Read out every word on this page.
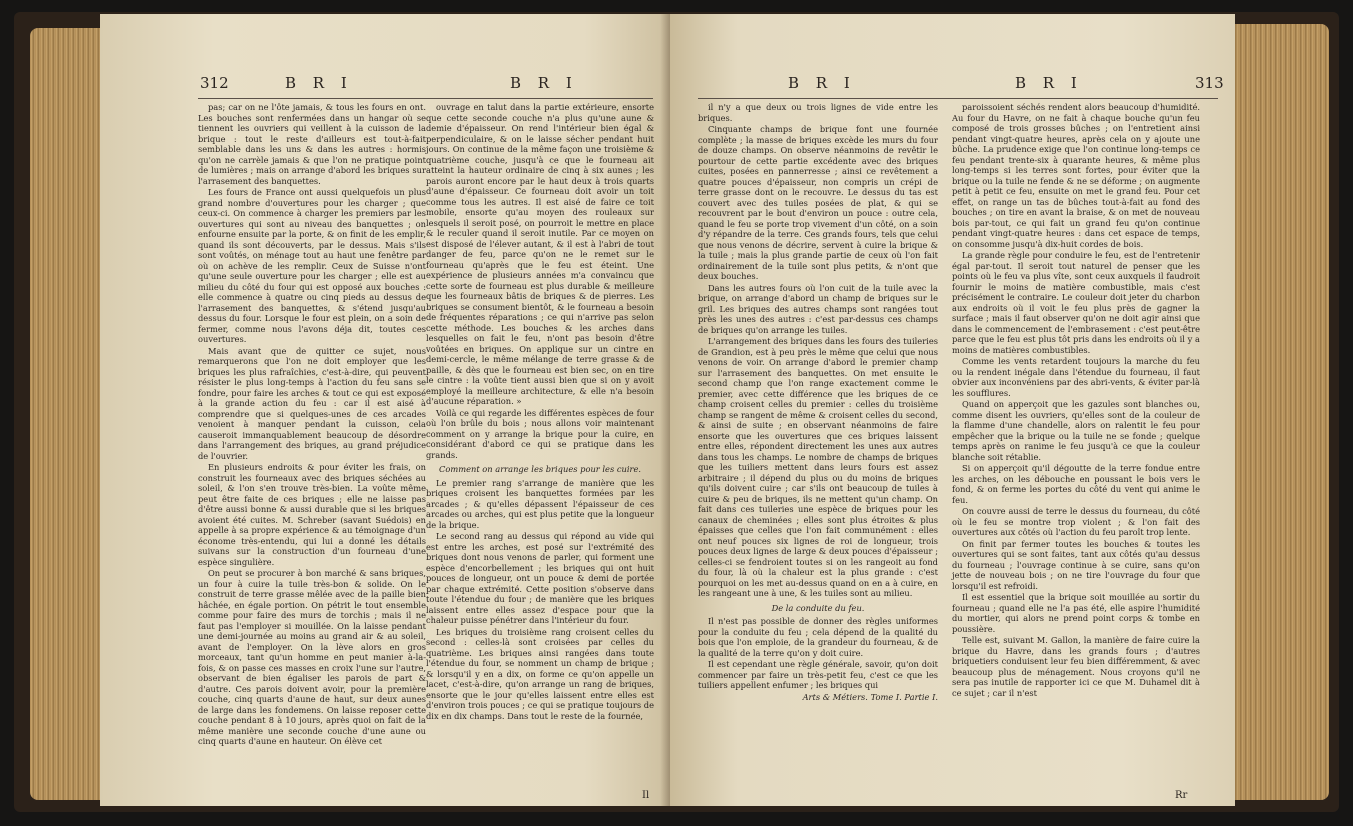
312	B R I	B R I

pas; car on ne l'ôte jamais, & tous les fours en ont. Les bouches sont renfermées dans un hangar où se tiennent les ouvriers qui veillent à la cuisson de la brique : tout le reste d'ailleurs est tout-à-fait semblable dans les uns & dans les autres : hormis qu'on ne carrèle jamais & que l'on ne pratique point de lumières ; mais on arrange d'abord les briques sur l'arrasement des banquettes.

Les fours de France ont aussi quelquefois un plus grand nombre d'ouvertures pour les charger ; que ceux-ci. On commence à charger les premiers par les ouvertures qui sont au niveau des banquettes ; on enfourne ensuite par la porte, & on finit de les emplir, quand ils sont découverts, par le dessus. Mais s'ils sont voûtés, on ménage tout au haut une fenêtre par où on achève de les remplir. Ceux de Suisse n'ont qu'une seule ouverture pour les charger ; elle est au milieu du côté du four qui est opposé aux bouches : elle commence à quatre ou cinq pieds au dessus de l'arrasement des banquettes, & s'étend jusqu'au dessus du four. Lorsque le four est plein, on a soin de fermer, comme nous l'avons déja dit, toutes ces ouvertures.

Mais avant que de quitter ce sujet, nous remarquerons que l'on ne doit employer que les briques les plus rafraîchies, c'est-à-dire, qui peuvent résister le plus long-temps à l'action du feu sans se fondre, pour faire les arches & tout ce qui est exposé à la grande action du feu : car il est aisé à comprendre que si quelques-unes de ces arcades venoient à manquer pendant la cuisson, cela causeroit immanquablement beaucoup de désordre dans l'arrangement des briques, au grand préjudice de l'ouvrier.

En plusieurs endroits & pour éviter les frais, on construit les fourneaux avec des briques séchées au soleil, & l'on s'en trouve très-bien. La voûte même peut être faite de ces briques ; elle ne laisse pas d'être aussi bonne & aussi durable que si les briques avoient été cuites. M. Schreber (savant Suédois) en appelle à sa propre expérience & au témoignage d'un économe très-entendu, qui lui a donné les détails suivans sur la construction d'un fourneau d'une espèce singulière.

On peut se procurer à bon marché & sans briques, un four à cuire la tuile très-bon & solide. On le construit de terre grasse mêlée avec de la paille bien hâchée, en égale portion. On pétrit le tout ensemble comme pour faire des murs de torchis ; mais il ne faut pas l'employer si mouillée. On la laisse pendant une demi-journée au moins au grand air & au soleil, avant de l'employer. On la lève alors en gros morceaux, tant qu'un homme en peut manier à-la-fois, & on passe ces masses en croix l'une sur l'autre, observant de bien égaliser les parois de part & d'autre. Ces parois doivent avoir, pour la première couche, cinq quarts d'aune de haut, sur deux aunes de large dans les fondemens. On laisse reposer cette couche pendant 8 à 10 jours, après quoi on fait de la même manière une seconde couche d'une aune ou cinq quarts d'aune en hauteur. On élève cet

ouvrage en talut dans la partie extérieure, ensorte que cette seconde couche n'a plus qu'une aune & demie d'épaisseur. On rend l'intérieur bien égal & perpendiculaire, & on le laisse sécher pendant huit jours. On continue de la même façon une troisième & quatrième couche, jusqu'à ce que le fourneau ait atteint la hauteur ordinaire de cinq à six aunes ; les parois auront encore par le haut deux à trois quarts d'aune d'épaisseur. Ce fourneau doit avoir un toit comme tous les autres. Il est aisé de faire ce toit mobile, ensorte qu'au moyen des rouleaux sur lesquels il seroit posé, on pourroit le mettre en place & le reculer quand il seroit inutile. Par ce moyen on est disposé de l'élever autant, & il est à l'abri de tout danger de feu, parce qu'on ne le remet sur le fourneau qu'après que le feu est éteint. Une expérience de plusieurs années m'a convaincu que cette sorte de fourneau est plus durable & meilleure que les fourneaux bâtis de briques & de pierres. Les briques se consument bientôt, & le fourneau a besoin de fréquentes réparations ; ce qui n'arrive pas selon cette méthode. Les bouches & les arches dans lesquelles on fait le feu, n'ont pas besoin d'être voûtées en briques. On applique sur un cintre en demi-cercle, le même mélange de terre grasse & de paille, & dès que le fourneau est bien sec, on en tire le cintre : la voûte tient aussi bien que si on y avoit employé la meilleure architecture, & elle n'a besoin d'aucune réparation. »

Voilà ce qui regarde les différentes espèces de four où l'on brûle du bois ; nous allons voir maintenant comment on y arrange la brique pour la cuire, en considérant d'abord ce qui se pratique dans les grands.

Comment on arrange les briques pour les cuire.

Le premier rang s'arrange de manière que les briques croisent les banquettes formées par les arcades ; & qu'elles dépassent l'épaisseur de ces arcades ou arches, qui est plus petite que la longueur de la brique.

Le second rang au dessus qui répond au vide qui est entre les arches, est posé sur l'extrémité des briques dont nous venons de parler, qui forment une espèce d'encorbellement ; les briques qui ont huit pouces de longueur, ont un pouce & demi de portée par chaque extrémité. Cette position s'observe dans toute l'étendue du four ; de manière que les briques laissent entre elles assez d'espace pour que la chaleur puisse pénétrer dans l'intérieur du four.

Les briques du troisième rang croisent celles du second : celles-là sont croisées par celles du quatrième. Les briques ainsi rangées dans toute l'étendue du four, se nomment un champ de brique ; & lorsqu'il y en a dix, on forme ce qu'on appelle un lacet, c'est-à-dire, qu'on arrange un rang de briques, ensorte que le jour qu'elles laissent entre elles est d'environ trois pouces ; ce qui se pratique toujours de dix en dix champs. Dans tout le reste de la fournée,

Il
B R I	B R I	313

il n'y a que deux ou trois lignes de vide entre les briques.

Cinquante champs de brique font une fournée complète ; la masse de briques excède les murs du four de douze champs. On observe néanmoins de revêtir le pourtour de cette partie excédente avec des briques cuites, posées en pannerresse ; ainsi ce revêtement a quatre pouces d'épaisseur, non compris un crépi de terre grasse dont on le recouvre. Le dessus du tas est couvert avec des tuiles posées de plat, & qui se recouvrent par le bout d'environ un pouce : outre cela, quand le feu se porte trop vivement d'un côté, on a soin d'y répandre de la terre. Ces grands fours, tels que celui que nous venons de décrire, servent à cuire la brique & la tuile ; mais la plus grande partie de ceux où l'on fait ordinairement de la tuile sont plus petits, & n'ont que deux bouches.

Dans les autres fours où l'on cuit de la tuile avec la brique, on arrange d'abord un champ de briques sur le gril. Les briques des autres champs sont rangées tout près les unes des autres : c'est par-dessus ces champs de briques qu'on arrange les tuiles.

L'arrangement des briques dans les fours des tuileries de Grandion, est à peu près le même que celui que nous venons de voir. On arrange d'abord le premier champ sur l'arrasement des banquettes. On met ensuite le second champ que l'on range exactement comme le premier, avec cette différence que les briques de ce champ croisent celles du premier : celles du troisième champ se rangent de même & croisent celles du second, & ainsi de suite ; en observant néanmoins de faire ensorte que les ouvertures que ces briques laissent entre elles, répondent directement les unes aux autres dans tous les champs. Le nombre de champs de briques que les tuiliers mettent dans leurs fours est assez arbitraire ; il dépend du plus ou du moins de briques qu'ils doivent cuire ; car s'ils ont beaucoup de tuiles à cuire & peu de briques, ils ne mettent qu'un champ. On fait dans ces tuileries une espèce de briques pour les canaux de cheminées ; elles sont plus étroites & plus épaisses que celles que l'on fait communément : elles ont neuf pouces six lignes de roi de longueur, trois pouces deux lignes de large & deux pouces d'épaisseur ; celles-ci se fendroient toutes si on les rangeoit au fond du four, là où la chaleur est la plus grande : c'est pourquoi on les met au-dessus quand on en a à cuire, en les rangeant une à une, & les tuiles sont au milieu.

De la conduite du feu.

Il n'est pas possible de donner des règles uniformes pour la conduite du feu ; cela dépend de la qualité du bois que l'on emploie, de la grandeur du fourneau, & de la qualité de la terre qu'on y doit cuire.

Il est cependant une règle générale, savoir, qu'on doit commencer par faire un très-petit feu, c'est ce que les tuiliers appellent enfumer ; les briques qui

Arts & Métiers. Tome I. Partie I.

paroissoient séchés rendent alors beaucoup d'humidité. Au four du Havre, on ne fait à chaque bouche qu'un feu composé de trois grosses bûches ; on l'entretient ainsi pendant vingt-quatre heures, après cela on y ajoute une bûche. La prudence exige que l'on continue long-temps ce feu pendant trente-six à quarante heures, & même plus long-temps si les terres sont fortes, pour éviter que la brique ou la tuile ne fende & ne se déforme ; on augmente petit à petit ce feu, ensuite on met le grand feu. Pour cet effet, on range un tas de bûches tout-à-fait au fond des bouches ; on tire en avant la braise, & on met de nouveau bois par-tout, ce qui fait un grand feu qu'on continue pendant vingt-quatre heures : dans cet espace de temps, on consomme jusqu'à dix-huit cordes de bois.

La grande règle pour conduire le feu, est de l'entretenir égal par-tout. Il seroit tout naturel de penser que les points où le feu va plus vîte, sont ceux auxquels il faudroit fournir le moins de matière combustible, mais c'est précisément le contraire. Le couleur doit jeter du charbon aux endroits où il voit le feu plus près de gagner la surface ; mais il faut observer qu'on ne doit agir ainsi que dans le commencement de l'embrasement : c'est peut-être parce que le feu est plus tôt pris dans les endroits où il y a moins de matières combustibles.

Comme les vents retardent toujours la marche du feu ou la rendent inégale dans l'étendue du fourneau, il faut obvier aux inconvéniens par des abri-vents, & éviter par-là les soufflures.

Quand on apperçoit que les gazules sont blanches ou, comme disent les ouvriers, qu'elles sont de la couleur de la flamme d'une chandelle, alors on ralentit le feu pour empêcher que la brique ou la tuile ne se fonde ; quelque temps après on ranime le feu jusqu'à ce que la couleur blanche soit rétablie.

Si on apperçoit qu'il dégoutte de la terre fondue entre les arches, on les débouche en poussant le bois vers le fond, & on ferme les portes du côté du vent qui anime le feu.

On couvre aussi de terre le dessus du fourneau, du côté où le feu se montre trop violent ; & l'on fait des ouvertures aux côtés où l'action du feu paroît trop lente.

On finit par fermer toutes les bouches & toutes les ouvertures qui se sont faites, tant aux côtés qu'au dessus du fourneau ; l'ouvrage continue à se cuire, sans qu'on jette de nouveau bois ; on ne tire l'ouvrage du four que lorsqu'il est refroidi.

Il est essentiel que la brique soit mouillée au sortir du fourneau ; quand elle ne l'a pas été, elle aspire l'humidité du mortier, qui alors ne prend point corps & tombe en poussière.

Telle est, suivant M. Gallon, la manière de faire cuire la brique du Havre, dans les grands fours ; d'autres briquetiers conduisent leur feu bien différemment, & avec beaucoup plus de ménagement. Nous croyons qu'il ne sera pas inutile de rapporter ici ce que M. Duhamel dit à ce sujet ; car il n'est

Rr
